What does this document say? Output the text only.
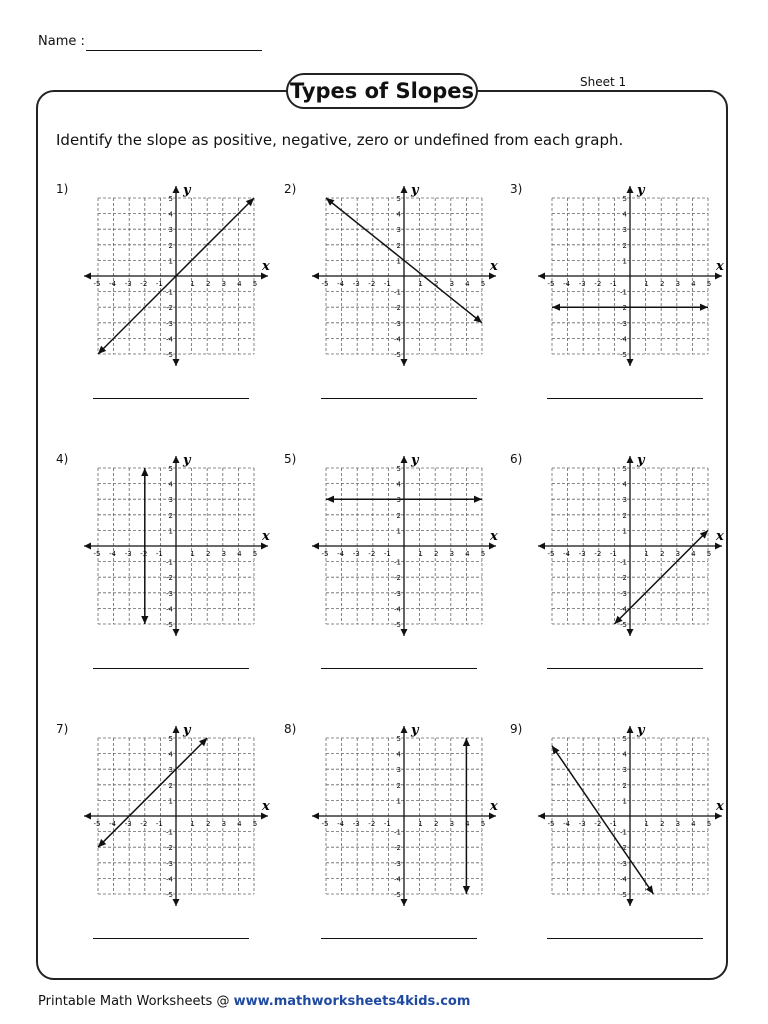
Name :
Types of Slopes	Sheet 1
Identify the slope as positive, negative, zero or undefined from each graph.
1)
x
y
-5
-5
-4
-4
-3
-3
-2
-2
-1
-1
1
1
2
2
3
3
4
4
5
5
2)
x
y
-5
-5
-4
-4
-3
-3
-2
-2
-1
-1
1
1
2
2
3
3
4
4
5
5
3)
x
y
-5
-5
-4
-4
-3
-3
-2
-2
-1
-1
1
1
2
2
3
3
4
4
5
5
4)
x
y
-5
-5
-4
-4
-3
-3
-2
-2
-1
-1
1
1
2
2
3
3
4
4
5
5
5)
x
y
-5
-5
-4
-4
-3
-3
-2
-2
-1
-1
1
1
2
2
3
3
4
4
5
5
6)
x
y
-5
-5
-4
-4
-3
-3
-2
-2
-1
-1
1
1
2
2
3
3
4
4
5
5
7)
x
y
-5
-5
-4
-4
-3
-3
-2
-2
-1
-1
1
1
2
2
3
3
4
4
5
5
8)
x
y
-5
-5
-4
-4
-3
-3
-2
-2
-1
-1
1
1
2
2
3
3
4
4
5
5
9)
x
y
-5
-5
-4
-4
-3
-3
-2
-2
-1
-1
1
1
2
2
3
3
4
4
5
5
Printable Math Worksheets @ www.mathworksheets4kids.com
